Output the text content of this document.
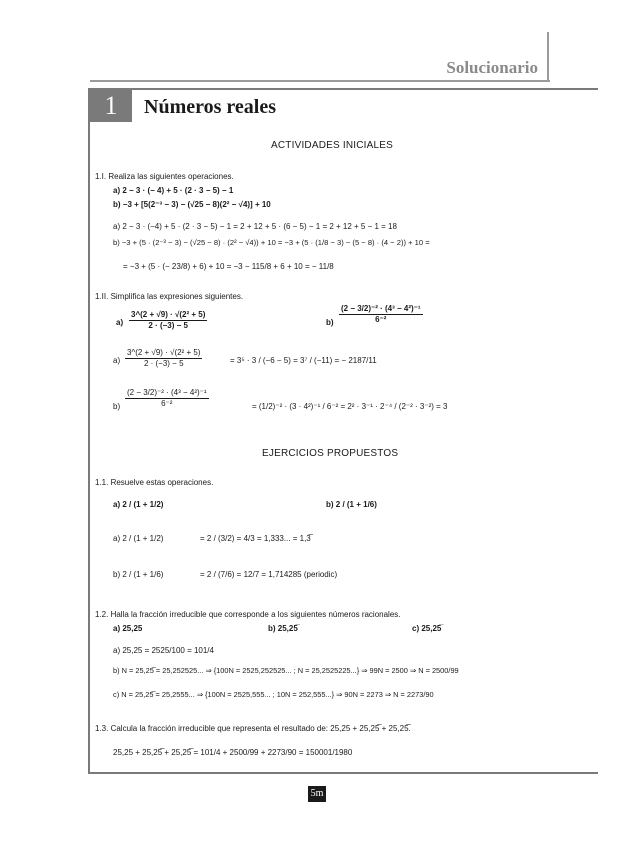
Solucionario
1	Números reales
ACTIVIDADES INICIALES
1.I. Realiza las siguientes operaciones.
a) 2 − 3 · (− 4) + 5 · (2 · 3 − 5) − 1
b) −3 + [5(2⁻³ − 3) − (√25 − 8)(2² − √4)] + 10
a) 2 − 3 · (−4) + 5 · (2 · 3 − 5) − 1 = 2 + 12 + 5 · (6 − 5) − 1 = 2 + 12 + 5 − 1 = 18
b) −3 + (5 · (2⁻³ − 3) − (√25 − 8) · (2² − √4)) + 10 = −3 + (5 · (1/8 − 3) − (5 − 8) · (4 − 2)) + 10 =
= −3 + (5 · (− 23/8) + 6) + 10 = −3 − 115/8 + 6 + 10 = − 11/8
1.II. Simplifica las expresiones siguientes.
$a) \frac{\text{3\textasciicircum{}(2 + √9) · √(2² + 5)}}{2 \cdot (-3) - 5}$	$b) \frac{\text{(2 − 3/2)⁻² · (4³ − 4²)⁻¹}}{\text{6⁻²}}$
$a) \frac{\text{3\textasciicircum{}(2 + √9) · √(2² + 5)}}{2 \cdot (-3) - 5}$	= 3⁵ · 3 / (−6 − 5) = 3⁷ / (−11) = − 2187/11
$b) \frac{\text{(2 − 3/2)⁻² · (4³ − 4²)⁻¹}}{\text{6⁻²}}$	= (1/2)⁻² · (3 · 4²)⁻¹ / 6⁻² = 2² · 3⁻¹ · 2⁻⁴ / (2⁻² · 3⁻²) = 3
EJERCICIOS PROPUESTOS
1.1. Resuelve estas operaciones.
a) 2 / (1 + 1/2)	b) 2 / (1 + 1/6)
a) 2 / (1 + 1/2)	= 2 / (3/2) = 4/3 = 1,333... = 1,3̅
b) 2 / (1 + 1/6)	= 2 / (7/6) = 12/7 = 1,714285 (periodic)
1.2. Halla la fracción irreducible que corresponde a los siguientes números racionales.
a) 25,25	b) 25,25̅	c) 25,25̅
a) 25,25 = 2525/100 = 101/4
b) N = 25,25̅ = 25,252525... ⇒ {100N = 2525,252525... ; N = 25,2525225...} ⇒ 99N = 2500 ⇒ N = 2500/99
c) N = 25,25̅ = 25,2555... ⇒ {100N = 2525,555... ; 10N = 252,555...} ⇒ 90N = 2273 ⇒ N = 2273/90
1.3. Calcula la fracción irreducible que representa el resultado de: 25,25 + 25,25̅ + 25,25̅.
25,25 + 25,25̅ + 25,25̅ = 101/4 + 2500/99 + 2273/90 = 150001/1980
5m
